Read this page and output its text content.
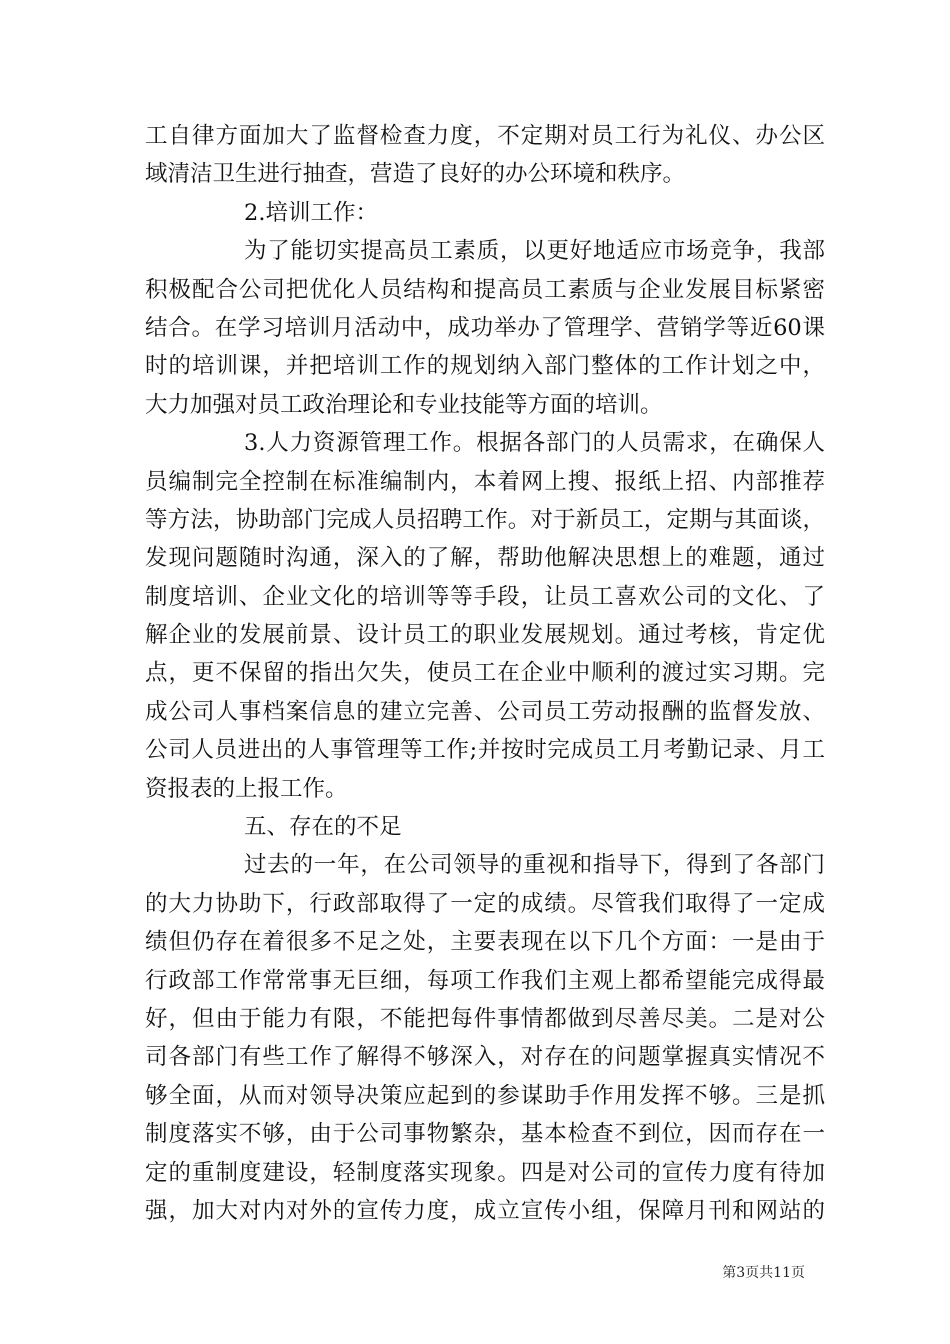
工自律方面加大了监督检查力度，不定期对员工行为礼仪、办公区
域清洁卫生进行抽查，营造了良好的办公环境和秩序。
2.培训工作：
为了能切实提高员工素质，以更好地适应市场竞争，我部
积极配合公司把优化人员结构和提高员工素质与企业发展目标紧密
结合。在学习培训月活动中，成功举办了管理学、营销学等近60课
时的培训课，并把培训工作的规划纳入部门整体的工作计划之中，
大力加强对员工政治理论和专业技能等方面的培训。
3.人力资源管理工作。根据各部门的人员需求，在确保人
员编制完全控制在标准编制内，本着网上搜、报纸上招、内部推荐
等方法，协助部门完成人员招聘工作。对于新员工，定期与其面谈，
发现问题随时沟通，深入的了解，帮助他解决思想上的难题，通过
制度培训、企业文化的培训等等手段，让员工喜欢公司的文化、了
解企业的发展前景、设计员工的职业发展规划。通过考核，肯定优
点，更不保留的指出欠失，使员工在企业中顺利的渡过实习期。完
成公司人事档案信息的建立完善、公司员工劳动报酬的监督发放、
公司人员进出的人事管理等工作;并按时完成员工月考勤记录、月工
资报表的上报工作。
五、存在的不足
过去的一年，在公司领导的重视和指导下，得到了各部门
的大力协助下，行政部取得了一定的成绩。尽管我们取得了一定成
绩但仍存在着很多不足之处，主要表现在以下几个方面：一是由于
行政部工作常常事无巨细，每项工作我们主观上都希望能完成得最
好，但由于能力有限，不能把每件事情都做到尽善尽美。二是对公
司各部门有些工作了解得不够深入，对存在的问题掌握真实情况不
够全面，从而对领导决策应起到的参谋助手作用发挥不够。三是抓
制度落实不够，由于公司事物繁杂，基本检查不到位，因而存在一
定的重制度建设，轻制度落实现象。四是对公司的宣传力度有待加
强，加大对内对外的宣传力度，成立宣传小组，保障月刊和网站的
第3页共11页
